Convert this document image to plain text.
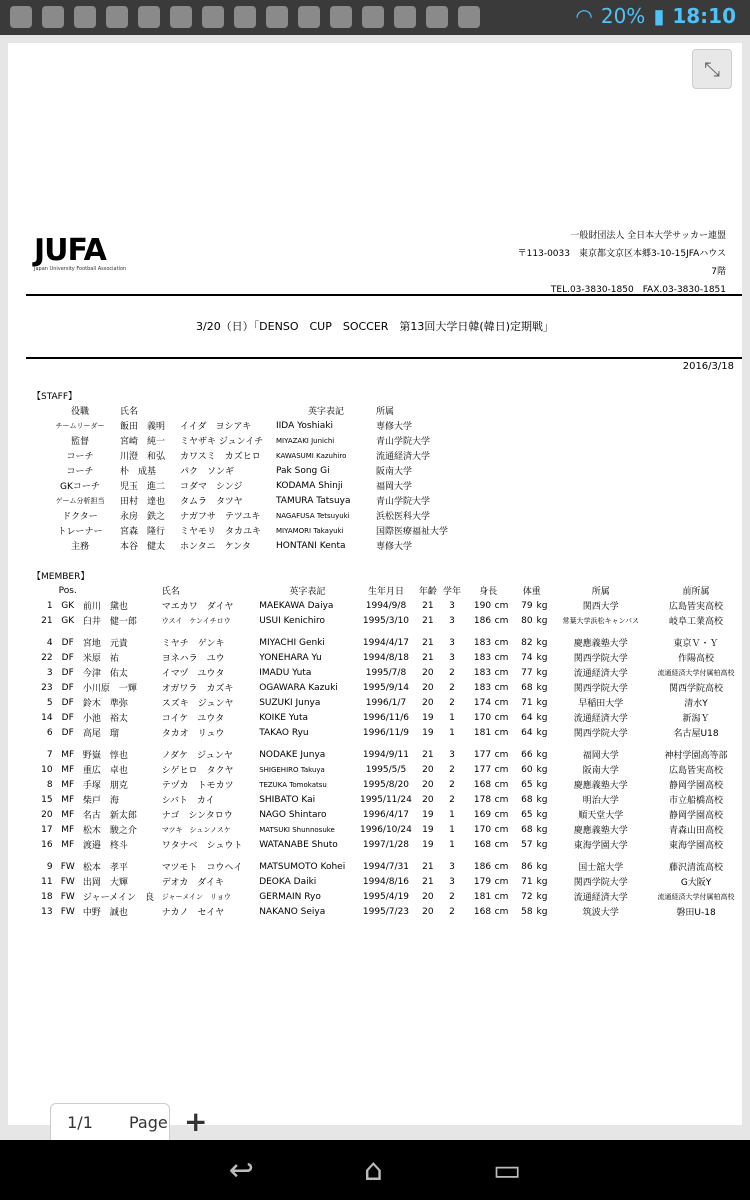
◠ 20% ▮ 18:10
⤡
JUFA
Japan University Football Association
一般財団法人 全日本大学サッカー連盟
〒113-0033　東京都文京区本郷3-10-15JFAハウス
7階
TEL.03-3830-1850　FAX.03-3830-1851
3/20（日）「DENSO　CUP　SOCCER　第13回大学日韓(韓日)定期戦」
2016/3/18
【STAFF】
役職	氏名		英字表記	所属
チームリーダー	飯田　義明	イイダ　ヨシアキ	IIDA Yoshiaki	専修大学
監督	宮崎　純一	ミヤザキ ジュンイチ	MIYAZAKI Junichi	青山学院大学
コーチ	川澄　和弘	カワスミ　カズヒロ	KAWASUMI Kazuhiro	流通経済大学
コーチ	朴　成基	パク　ソンギ	Pak Song Gi	阪南大学
GKコーチ	児玉　進二	コダマ　シンジ	KODAMA Shinji	福岡大学
ゲーム分析担当	田村　達也	タムラ　タツヤ	TAMURA Tatsuya	青山学院大学
ドクター	永房　鉄之	ナガフサ　テツユキ	NAGAFUSA Tetsuyuki	浜松医科大学
トレーナー	宮森　隆行	ミヤモリ　タカユキ	MIYAMORI Takayuki	国際医療福祉大学
主務	本谷　健太	ホンタニ　ケンタ	HONTANI Kenta	専修大学
【MEMBER】
	Pos.		氏名	英字表記	生年月日	年齢	学年	身長		体重		所属	前所属
1	GK	前川　黛也	マエカワ　ダイヤ	MAEKAWA Daiya	1994/9/8	21	3	190	cm	79	kg	関西大学	広島皆実高校
21	GK	臼井　健一郎	ウスイ　ケンイチロウ	USUI Kenichiro	1995/3/10	21	3	186	cm	80	kg	常葉大学浜松キャンパス	岐阜工業高校

4	DF	宮地　元貴	ミヤチ　ゲンキ	MIYACHI Genki	1994/4/17	21	3	183	cm	82	kg	慶應義塾大学	東京Ｖ・Ｙ
22	DF	米原　祐	ヨネハラ　ユウ	YONEHARA Yu	1994/8/18	21	3	183	cm	74	kg	関西学院大学	作陽高校
3	DF	今津　佑太	イマヅ　ユウタ	IMADU Yuta	1995/7/8	20	2	183	cm	77	kg	流通経済大学	流通経済大学付属柏高校
23	DF	小川原　一輝	オガワラ　カズキ	OGAWARA Kazuki	1995/9/14	20	2	183	cm	68	kg	関西学院大学	関西学院高校
5	DF	鈴木　準弥	スズキ　ジュンヤ	SUZUKI Junya	1996/1/7	20	2	174	cm	71	kg	早稲田大学	清水Y
14	DF	小池　裕太	コイケ　ユウタ	KOIKE Yuta	1996/11/6	19	1	170	cm	64	kg	流通経済大学	新潟Ｙ
6	DF	高尾　瑠	タカオ　リュウ	TAKAO Ryu	1996/11/9	19	1	181	cm	64	kg	関西学院大学	名古屋U18

7	MF	野嶽　惇也	ノダケ　ジュンヤ	NODAKE Junya	1994/9/11	21	3	177	cm	66	kg	福岡大学	神村学園高等部
10	MF	重広　卓也	シゲヒロ　タクヤ	SHIGEHIRO Takuya	1995/5/5	20	2	177	cm	60	kg	阪南大学	広島皆実高校
8	MF	手塚　朋克	テヅカ　トモカツ	TEZUKA Tomokatsu	1995/8/20	20	2	168	cm	65	kg	慶應義塾大学	静岡学園高校
15	MF	柴戸　海	シバト　カイ	SHIBATO Kai	1995/11/24	20	2	178	cm	68	kg	明治大学	市立船橋高校
20	MF	名古　新太郎	ナゴ　シンタロウ	NAGO Shintaro	1996/4/17	19	1	169	cm	65	kg	順天堂大学	静岡学園高校
17	MF	松木　駿之介	マツキ　シュンノスケ	MATSUKI Shunnosuke	1996/10/24	19	1	170	cm	68	kg	慶應義塾大学	青森山田高校
16	MF	渡邉　柊斗	ワタナベ　シュウト	WATANABE Shuto	1997/1/28	19	1	168	cm	57	kg	東海学園大学	東海学園高校

9	FW	松本　孝平	マツモト　コウヘイ	MATSUMOTO Kohei	1994/7/31	21	3	186	cm	86	kg	国士舘大学	藤沢清流高校
11	FW	出岡　大輝	デオカ　ダイキ	DEOKA Daiki	1994/8/16	21	3	179	cm	71	kg	関西学院大学	G大阪Y
18	FW	ジャーメイン　良	ジャーメイン　リョウ	GERMAIN Ryo	1995/4/19	20	2	181	cm	72	kg	流通経済大学	流通経済大学付属柏高校
13	FW	中野　誠也	ナカノ　セイヤ	NAKANO Seiya	1995/7/23	20	2	168	cm	58	kg	筑波大学	磐田U-18
1/1	Page +
↩	⌂	▭
